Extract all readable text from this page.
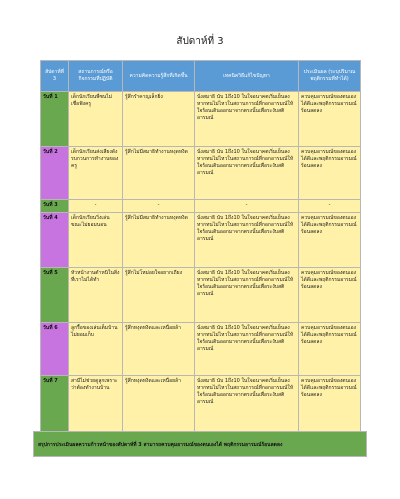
สัปดาห์ที่ 3
สัปดาห์ที่ 3	สถานการณ์หรือกิจกรรมที่ปฏิบัติ	ความคิดความรู้สึกที่เกิดขึ้น	เทคนิควิธีแก้ไขปัญหา	ประเมินผล (ระบุปริมาณพฤติกรรมที่ทำได้)
วันที่ 1	เด็กนักเรียนพี่ซนไม่เชื่อฟังครู	รู้สึกรำคาญเล็กยิ่ง	นั่งสมาธิ นับ 1ถึง10 ในใจอนาคตเริ่มเย็นลง หากทนไม่ไหวในสถานการณ์ที่กอกอารมณ์ให้ใจร้อนเดินออกมาจากตรงนั้นเพื่อระงับสติอารมณ์	ควบคุมอารมณ์ของตนเองได้ดีและพฤติกรรมอารมณ์ร้อนลดลง
วันที่ 2	เด็กนักเรียนส่งเสียงดังรบกวนการทำงานของครู	รู้สึกไม่มีสมาธิทำงานหงุดหงิด	นั่งสมาธิ นับ 1ถึง10 ในใจอนาคตเริ่มเย็นลง หากทนไม่ไหวในสถานการณ์ที่กอกอารมณ์ให้ใจร้อนเดินออกมาจากตรงนั้นเพื่อระงับสติอารมณ์	ควบคุมอารมณ์ของตนเองได้ดีและพฤติกรรมอารมณ์ร้อนลดลง
วันที่ 3	-	-	-	-
วันที่ 4	เด็กนักเรียนวิ่งเล่นขณะไม่ยอมนอน	รู้สึกไม่มีสมาธิทำงานหงุดหงิด	นั่งสมาธิ นับ 1ถึง10 ในใจอนาคตเริ่มเย็นลง หากทนไม่ไหวในสถานการณ์ที่กอกอารมณ์ให้ใจร้อนเดินออกมาจากตรงนั้นเพื่อระงับสติอารมณ์	ควบคุมอารมณ์ของตนเองได้ดีและพฤติกรรมอารมณ์ร้อนลดลง
วันที่ 5	หัวหน้างานตำหนิในสิ่งที่เราไม่ได้ทำ	รู้สึกไม่โหม่อยใจอยากเถียง	นั่งสมาธิ นับ 1ถึง10 ในใจอนาคตเริ่มเย็นลง หากทนไม่ไหวในสถานการณ์ที่กอกอารมณ์ให้ใจร้อนเดินออกมาจากตรงนั้นเพื่อระงับสติอารมณ์	ควบคุมอารมณ์ของตนเองได้ดีและพฤติกรรมอารมณ์ร้อนลดลง
วันที่ 6	ลูกรื้อของเล่นเต็มบ้านไม่ยอมเก็บ	รู้สึกหงุดหงิดและเหนื่อยล้า	นั่งสมาธิ นับ 1ถึง10 ในใจอนาคตเริ่มเย็นลง หากทนไม่ไหวในสถานการณ์ที่กอกอารมณ์ให้ใจร้อนเดินออกมาจากตรงนั้นเพื่อระงับสติอารมณ์	ควบคุมอารมณ์ของตนเองได้ดีและพฤติกรรมอารมณ์ร้อนลดลง
วันที่ 7	สามีไม่ช่วยดูลูกเพราะว่าต้องทำงานบ้าน	รู้สึกหงุดหงิดและเหนื่อยล้า	นั่งสมาธิ นับ 1ถึง10 ในใจอนาคตเริ่มเย็นลง หากทนไม่ไหวในสถานการณ์ที่กอกอารมณ์ให้ใจร้อนเดินออกมาจากตรงนั้นเพื่อระงับสติอารมณ์	ควบคุมอารมณ์ของตนเองได้ดีและพฤติกรรมอารมณ์ร้อนลดลง
สรุปการประเมินผลความก้าวหน้าของสัปดาห์ที่ 3 สามารถควบคุมอารมณ์ของตนเองได้ พฤติกรรมอารมณ์ร้อนลดลง
